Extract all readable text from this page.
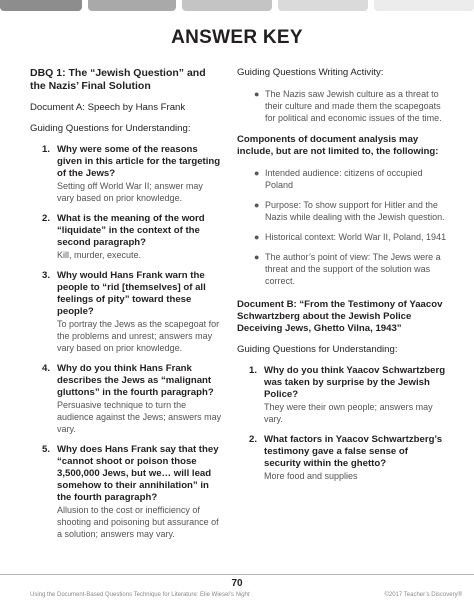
ANSWER KEY
DBQ 1: The “Jewish Question” and the Nazis’ Final Solution
Document A: Speech by Hans Frank
Guiding Questions for Understanding:
1. Why were some of the reasons given in this article for the targeting of the Jews?
Setting off World War II; answer may vary based on prior knowledge.
2. What is the meaning of the word “liquidate” in the context of the second paragraph?
Kill, murder, execute.
3. Why would Hans Frank warn the people to “rid [themselves] of all feelings of pity” toward these people?
To portray the Jews as the scapegoat for the problems and unrest; answers may vary based on prior knowledge.
4. Why do you think Hans Frank describes the Jews as “malignant gluttons” in the fourth paragraph?
Persuasive technique to turn the audience against the Jews; answers may vary.
5. Why does Hans Frank say that they “cannot shoot or poison those 3,500,000 Jews, but we… will lead somehow to their annihilation” in the fourth paragraph?
Allusion to the cost or inefficiency of shooting and poisoning but assurance of a solution; answers may vary.
Guiding Questions Writing Activity:
● The Nazis saw Jewish culture as a threat to their culture and made them the scapegoats for political and economic issues of the time.
Components of document analysis may include, but are not limited to, the following:
● Intended audience: citizens of occupied Poland
● Purpose: To show support for Hitler and the Nazis while dealing with the Jewish question.
● Historical context: World War II, Poland, 1941
● The author’s point of view: The Jews were a threat and the support of the solution was correct.
Document B: “From the Testimony of Yaacov Schwartzberg about the Jewish Police Deceiving Jews, Ghetto Vilna, 1943”
Guiding Questions for Understanding:
1. Why do you think Yaacov Schwartzberg was taken by surprise by the Jewish Police?
They were their own people; answers may vary.
2. What factors in Yaacov Schwartzberg’s testimony gave a false sense of security within the ghetto?
More food and supplies
70
Using the Document-Based Questions Technique for Literature: Elie Wiesel’s Night	©2017 Teacher’s Discovery®
